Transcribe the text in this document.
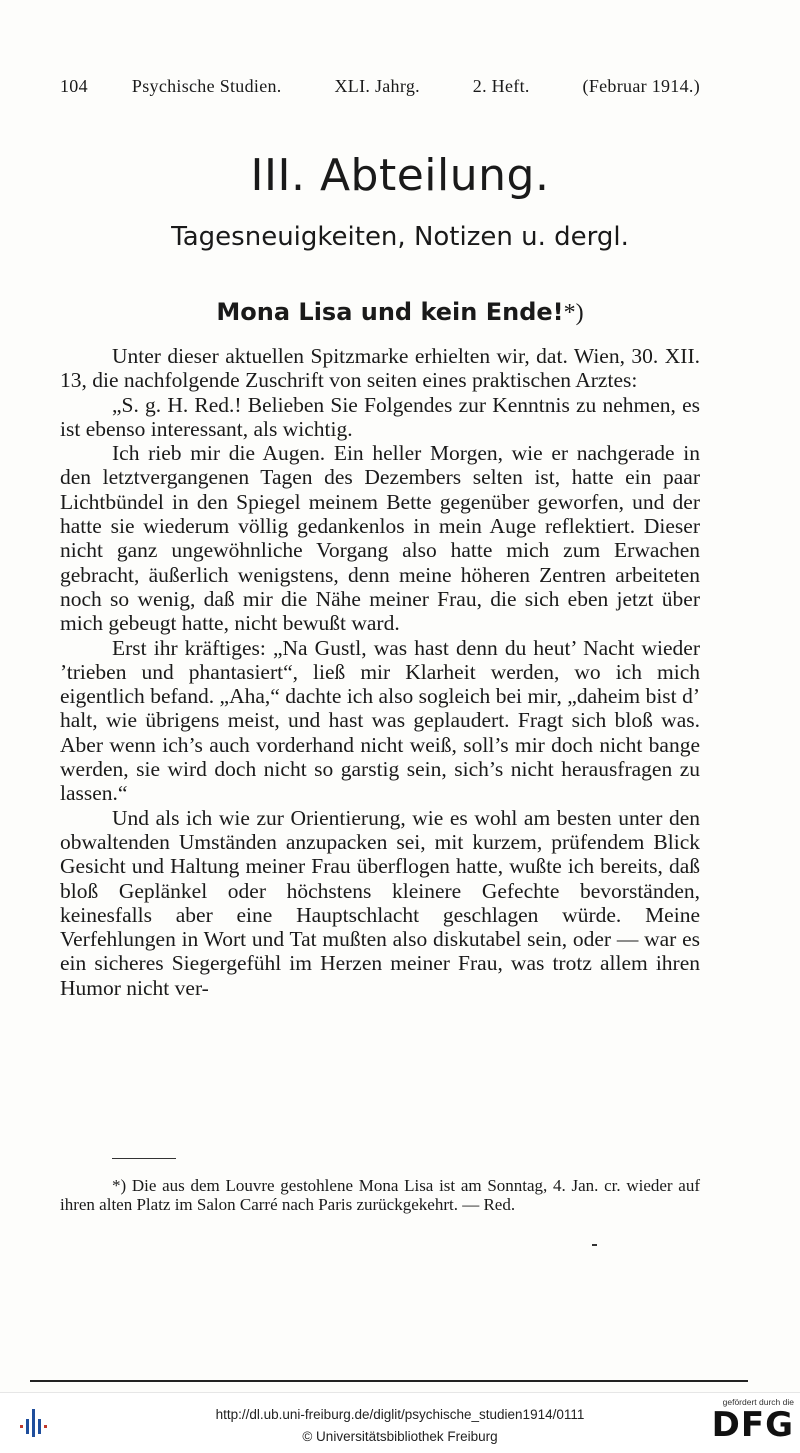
104 Psychische Studien.	XLI. Jahrg.	2. Heft.	(Februar 1914.)
III. Abteilung.
Tagesneuigkeiten, Notizen u. dergl.
Mona Lisa und kein Ende!*)

Unter dieser aktuellen Spitzmarke erhielten wir, dat. Wien, 30. XII. 13, die nachfolgende Zuschrift von seiten eines praktischen Arztes:

„S. g. H. Red.! Belieben Sie Folgendes zur Kenntnis zu nehmen, es ist ebenso interessant, als wichtig.

Ich rieb mir die Augen. Ein heller Morgen, wie er nachgerade in den letztvergangenen Tagen des Dezembers selten ist, hatte ein paar Lichtbündel in den Spiegel meinem Bette gegenüber geworfen, und der hatte sie wiederum völlig gedankenlos in mein Auge reflektiert. Dieser nicht ganz ungewöhnliche Vorgang also hatte mich zum Erwachen gebracht, äußerlich wenigstens, denn meine höheren Zentren arbeiteten noch so wenig, daß mir die Nähe meiner Frau, die sich eben jetzt über mich gebeugt hatte, nicht bewußt ward.

Erst ihr kräftiges: „Na Gustl, was hast denn du heut’ Nacht wieder ’trieben und phantasiert“, ließ mir Klarheit werden, wo ich mich eigentlich befand. „Aha,“ dachte ich also sogleich bei mir, „daheim bist d’ halt, wie übrigens meist, und hast was geplaudert. Fragt sich bloß was. Aber wenn ich’s auch vorderhand nicht weiß, soll’s mir doch nicht bange werden, sie wird doch nicht so garstig sein, sich’s nicht herausfragen zu lassen.“

Und als ich wie zur Orientierung, wie es wohl am besten unter den obwaltenden Umständen anzupacken sei, mit kurzem, prüfendem Blick Gesicht und Haltung meiner Frau überflogen hatte, wußte ich bereits, daß bloß Geplänkel oder höchstens kleinere Gefechte bevorständen, keinesfalls aber eine Hauptschlacht geschlagen würde. Meine Verfehlungen in Wort und Tat mußten also diskutabel sein, oder — war es ein sicheres Siegergefühl im Herzen meiner Frau, was trotz allem ihren Humor nicht ver-

*) Die aus dem Louvre gestohlene Mona Lisa ist am Sonntag, 4. Jan. cr. wieder auf ihren alten Platz im Salon Carré nach Paris zurückgekehrt. — Red.
http://dl.ub.uni-freiburg.de/diglit/psychische_studien1914/0111
© Universitätsbibliothek Freiburg
gefördert durch die
DFG
